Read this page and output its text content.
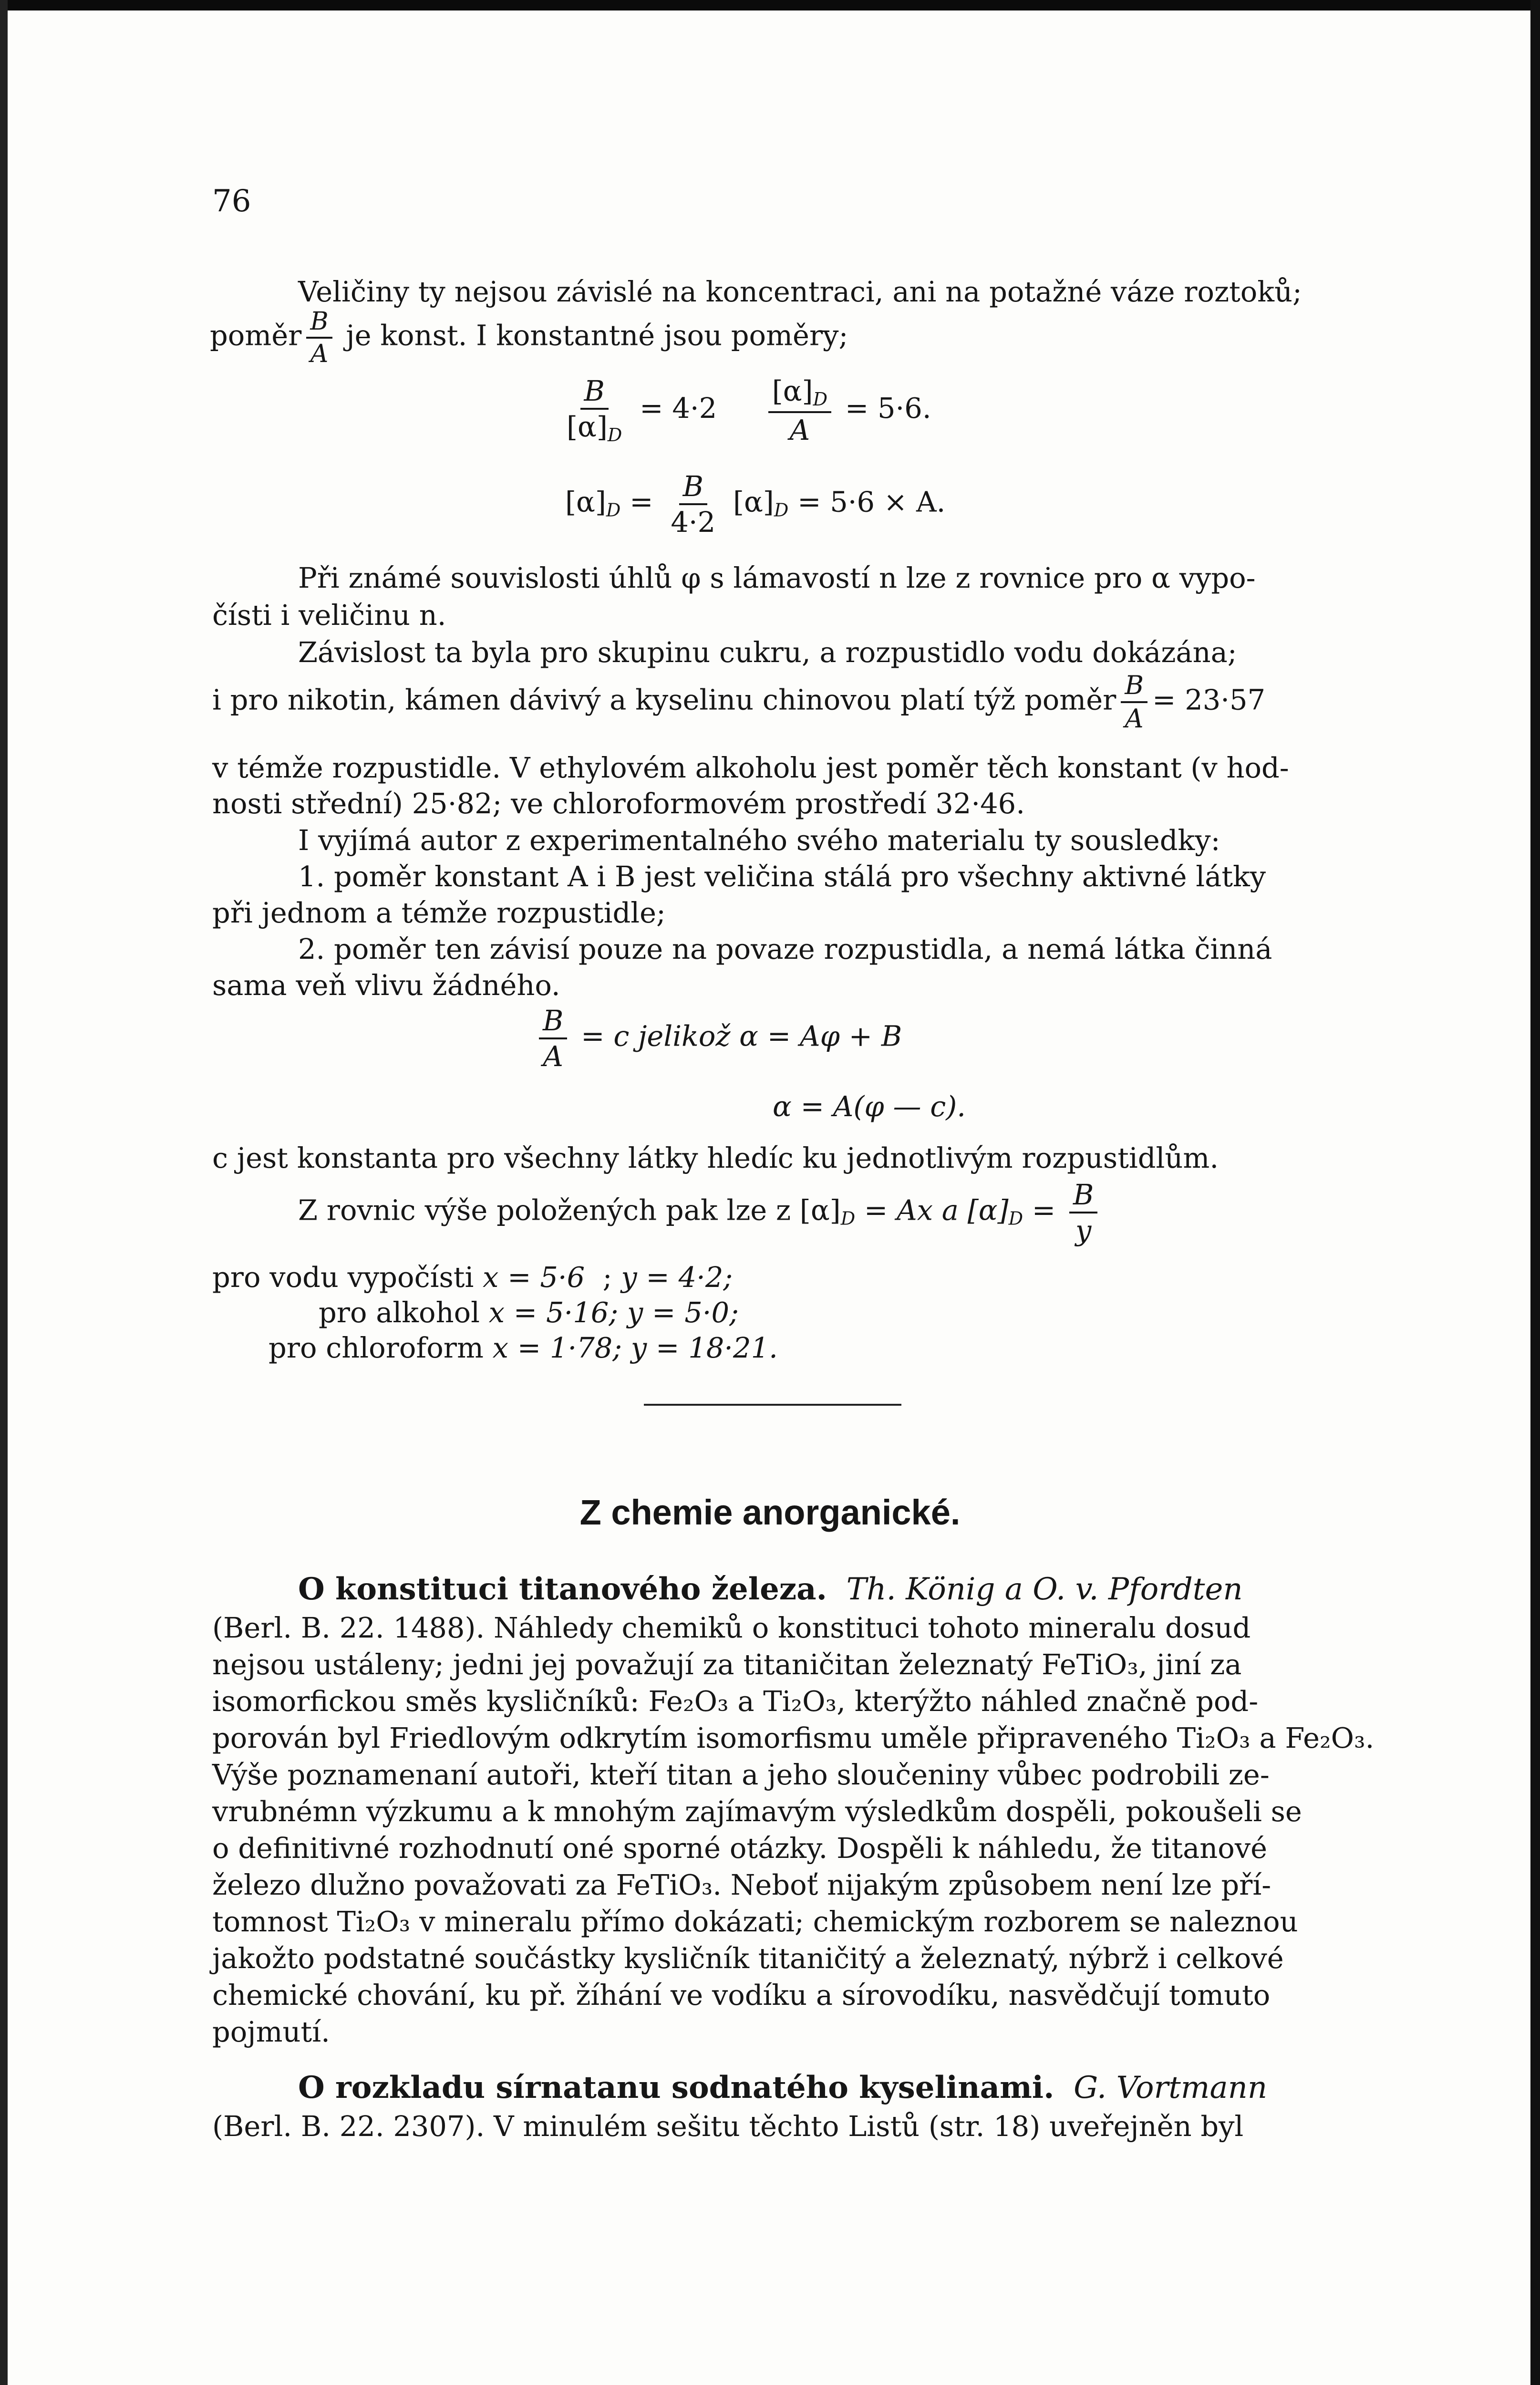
76
Veličiny ty nejsou závislé na koncentraci, ani na potažné váze roztoků;
poměr $\frac{B}{A}$ je konst. I konstantné jsou poměry;
$\frac{B}{[\alpha]_D} = 4\cdot 2 \frac{[\alpha]_D}{A} = 5\cdot 6$.
$[\alpha]_D = \frac{B}{4\cdot 2} [\alpha]_D = 5\cdot 6 \times A$.
Při známé souvislosti úhlů φ s lámavostí n lze z rovnice pro α vypo-
čísti i veličinu n.
Závislost ta byla pro skupinu cukru, a rozpustidlo vodu dokázána;
i pro nikotin, kámen dávivý a kyselinu chinovou platí týž poměr $\frac{B}{A} = 23\cdot 57$
v témže rozpustidle. V ethylovém alkoholu jest poměr těch konstant (v hod-
nosti střední) 25·82; ve chloroformovém prostředí 32·46.
I vyjímá autor z experimentalného svého materialu ty sousledky:
1. poměr konstant A i B jest veličina stálá pro všechny aktivné látky
při jednom a témže rozpustidle;
2. poměr ten závisí pouze na povaze rozpustidla, a nemá látka činná
sama veň vlivu žádného.
$\frac{B}{A} = c$ jelikož α = Aφ + B
α = A(φ — c).
c jest konstanta pro všechny látky hledíc ku jednotlivým rozpustidlům.
Z rovnic výše položených pak lze z $[\alpha]_D = Ax$ a $[\alpha]_D = \frac{B}{y}$
pro vodu vypočísti x = 5·6  ; y = 4·2;
pro alkohol x = 5·16; y = 5·0;
pro chloroform x = 1·78; y = 18·21.
Z chemie anorganické.
O konstituci titanového železa. Th. König a O. v. Pfordten
(Berl. B. 22. 1488). Náhledy chemiků o konstituci tohoto mineralu dosud
nejsou ustáleny; jedni jej považují za titaničitan železnatý FeTiO₃, jiní za
isomorfickou směs kysličníků: Fe₂O₃ a Ti₂O₃, kterýžto náhled značně pod-
porován byl Friedlovým odkrytím isomorfismu uměle připraveného Ti₂O₃ a Fe₂O₃.
Výše poznamenaní autoři, kteří titan a jeho sloučeniny vůbec podrobili ze-
vrubnémn výzkumu a k mnohým zajímavým výsledkům dospěli, pokoušeli se
o definitivné rozhodnutí oné sporné otázky. Dospěli k náhledu, že titanové
železo dlužno považovati za FeTiO₃. Neboť nijakým způsobem není lze pří-
tomnost Ti₂O₃ v mineralu přímo dokázati; chemickým rozborem se naleznou
jakožto podstatné součástky kysličník titaničitý a železnatý, nýbrž i celkové
chemické chování, ku př. žíhání ve vodíku a sírovodíku, nasvědčují tomuto
pojmutí.
O rozkladu sírnatanu sodnatého kyselinami. G. Vortmann
(Berl. B. 22. 2307). V minulém sešitu těchto Listů (str. 18) uveřejněn byl
